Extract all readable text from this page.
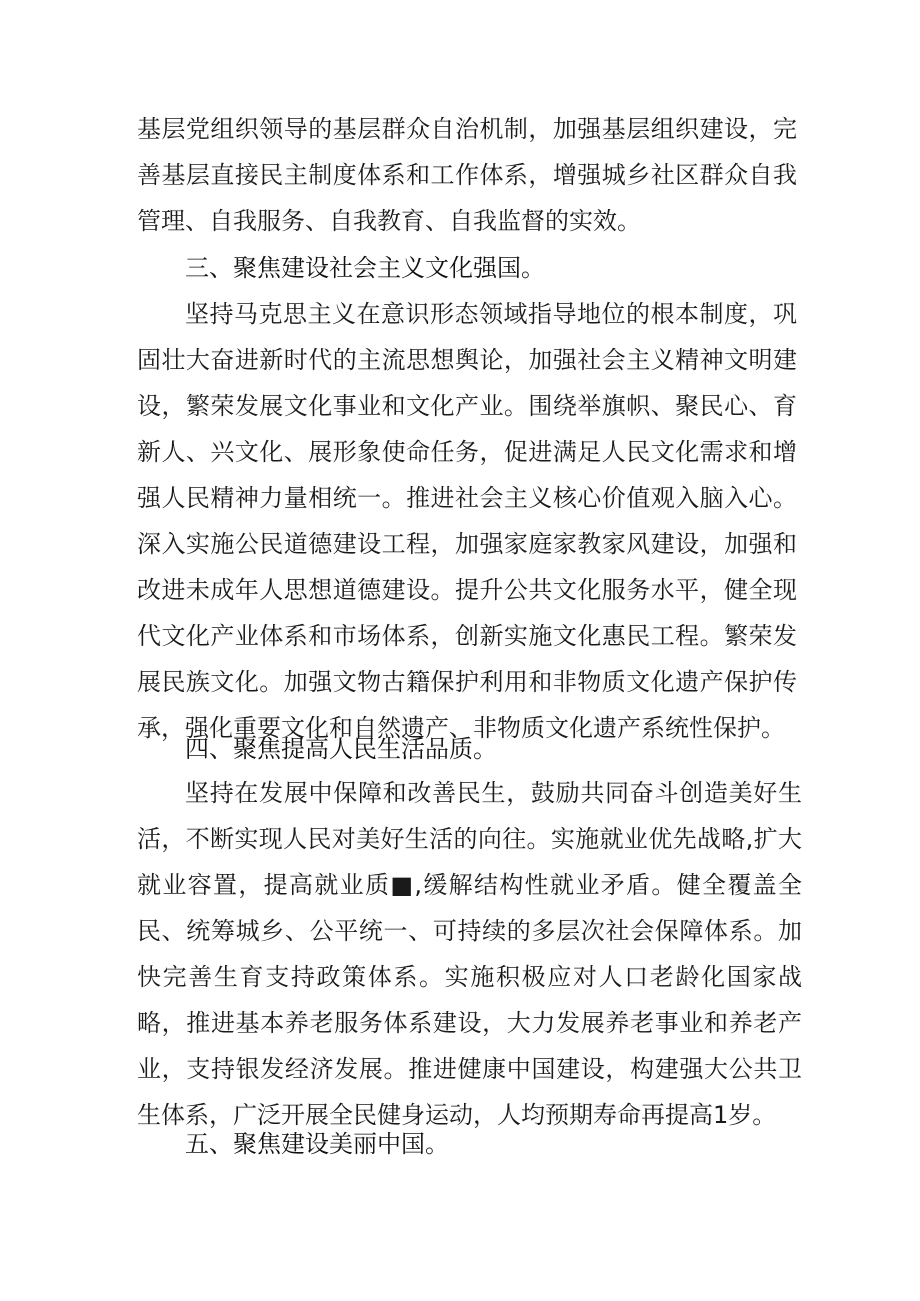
基层党组织领导的基层群众自治机制，加强基层组织建设，完善基层直接民主制度体系和工作体系，增强城乡社区群众自我管理、自我服务、自我教育、自我监督的实效。

三、聚焦建设社会主义文化强国。

坚持马克思主义在意识形态领域指导地位的根本制度，巩固壮大奋进新时代的主流思想舆论，加强社会主义精神文明建设，繁荣发展文化事业和文化产业。围绕举旗帜、聚民心、育新人、兴文化、展形象使命任务，促进满足人民文化需求和增强人民精神力量相统一。推进社会主义核心价值观入脑入心。深入实施公民道德建设工程，加强家庭家教家风建设，加强和改进未成年人思想道德建设。提升公共文化服务水平，健全现代文化产业体系和市场体系，创新实施文化惠民工程。繁荣发展民族文化。加强文物古籍保护利用和非物质文化遗产保护传承，强化重要文化和自然遗产、非物质文化遗产系统性保护。

四、聚焦提高人民生活品质。

坚持在发展中保障和改善民生，鼓励共同奋斗创造美好生活，不断实现人民对美好生活的向往。实施就业优先战略,扩大就业容置，提高就业质■,缓解结构性就业矛盾。健全覆盖全民、统筹城乡、公平统一、可持续的多层次社会保障体系。加快完善生育支持政策体系。实施积极应对人口老龄化国家战略，推进基本养老服务体系建设，大力发展养老事业和养老产业，支持银发经济发展。推进健康中国建设，构建强大公共卫生体系，广泛开展全民健身运动，人均预期寿命再提高1岁。

五、聚焦建设美丽中国。
